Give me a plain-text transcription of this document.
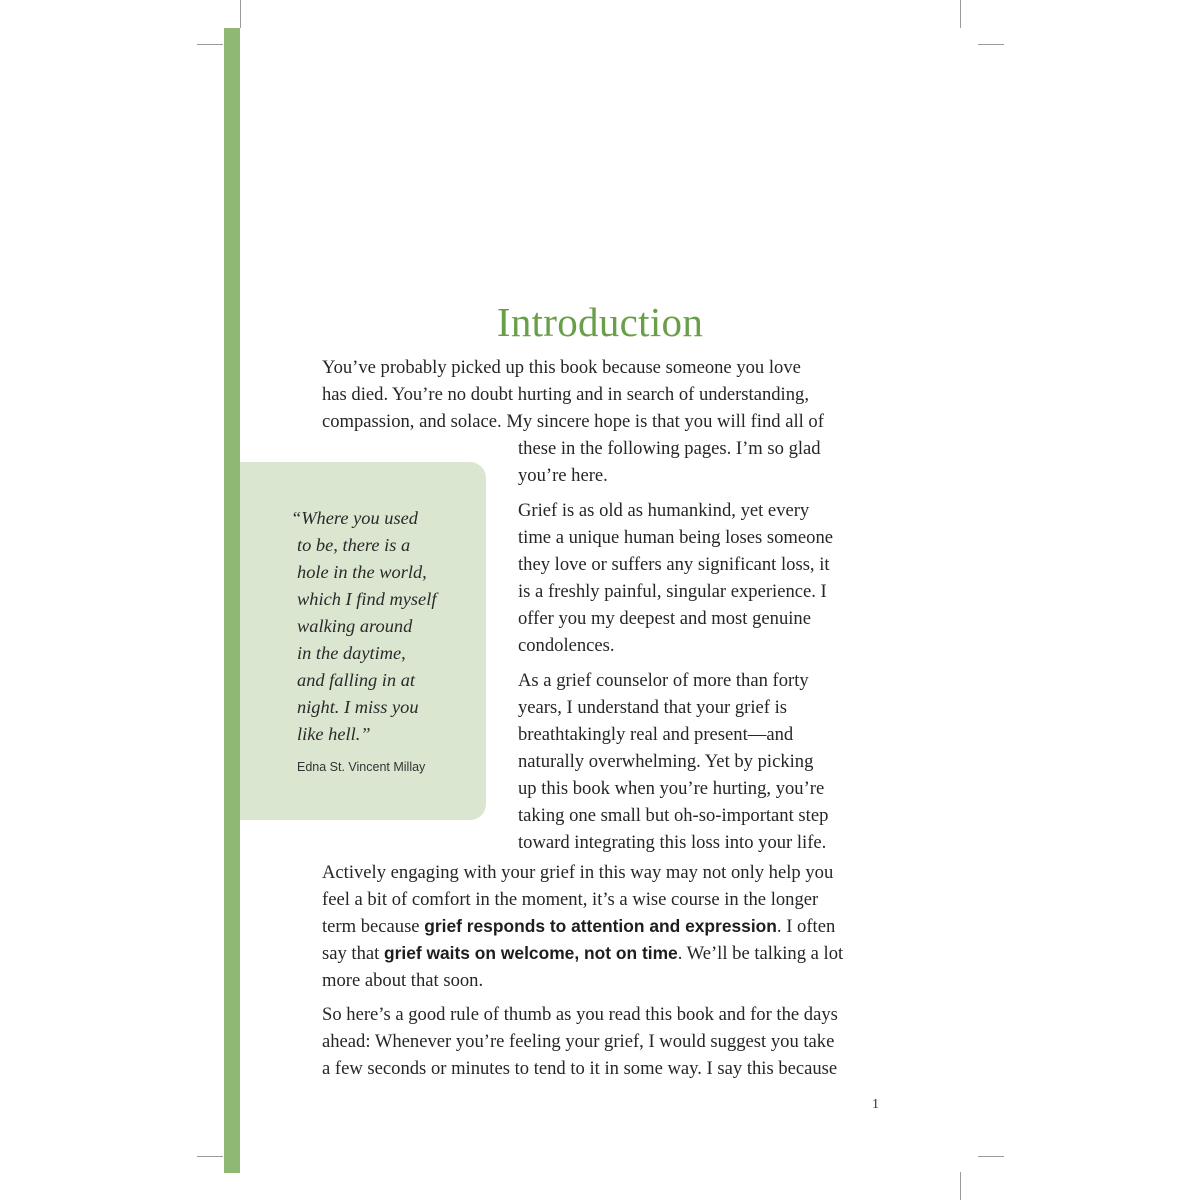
Introduction
You’ve probably picked up this book because someone you love
has died. You’re no doubt hurting and in search of understanding,
compassion, and solace. My sincere hope is that you will find all of
these in the following pages. I’m so glad
you’re here.
Grief is as old as humankind, yet every
time a unique human being loses someone
they love or suffers any significant loss, it
is a freshly painful, singular experience. I
offer you my deepest and most genuine
condolences.
As a grief counselor of more than forty
years, I understand that your grief is
breathtakingly real and present—and
naturally overwhelming. Yet by picking
up this book when you’re hurting, you’re
taking one small but oh-so-important step
toward integrating this loss into your life.
“Where you used
to be, there is a
hole in the world,
which I find myself
walking around
in the daytime,
and falling in at
night. I miss you
like hell.”
Edna St. Vincent Millay
Actively engaging with your grief in this way may not only help you
feel a bit of comfort in the moment, it’s a wise course in the longer
term because grief responds to attention and expression. I often
say that grief waits on welcome, not on time. We’ll be talking a lot
more about that soon.
So here’s a good rule of thumb as you read this book and for the days
ahead: Whenever you’re feeling your grief, I would suggest you take
a few seconds or minutes to tend to it in some way. I say this because
1
